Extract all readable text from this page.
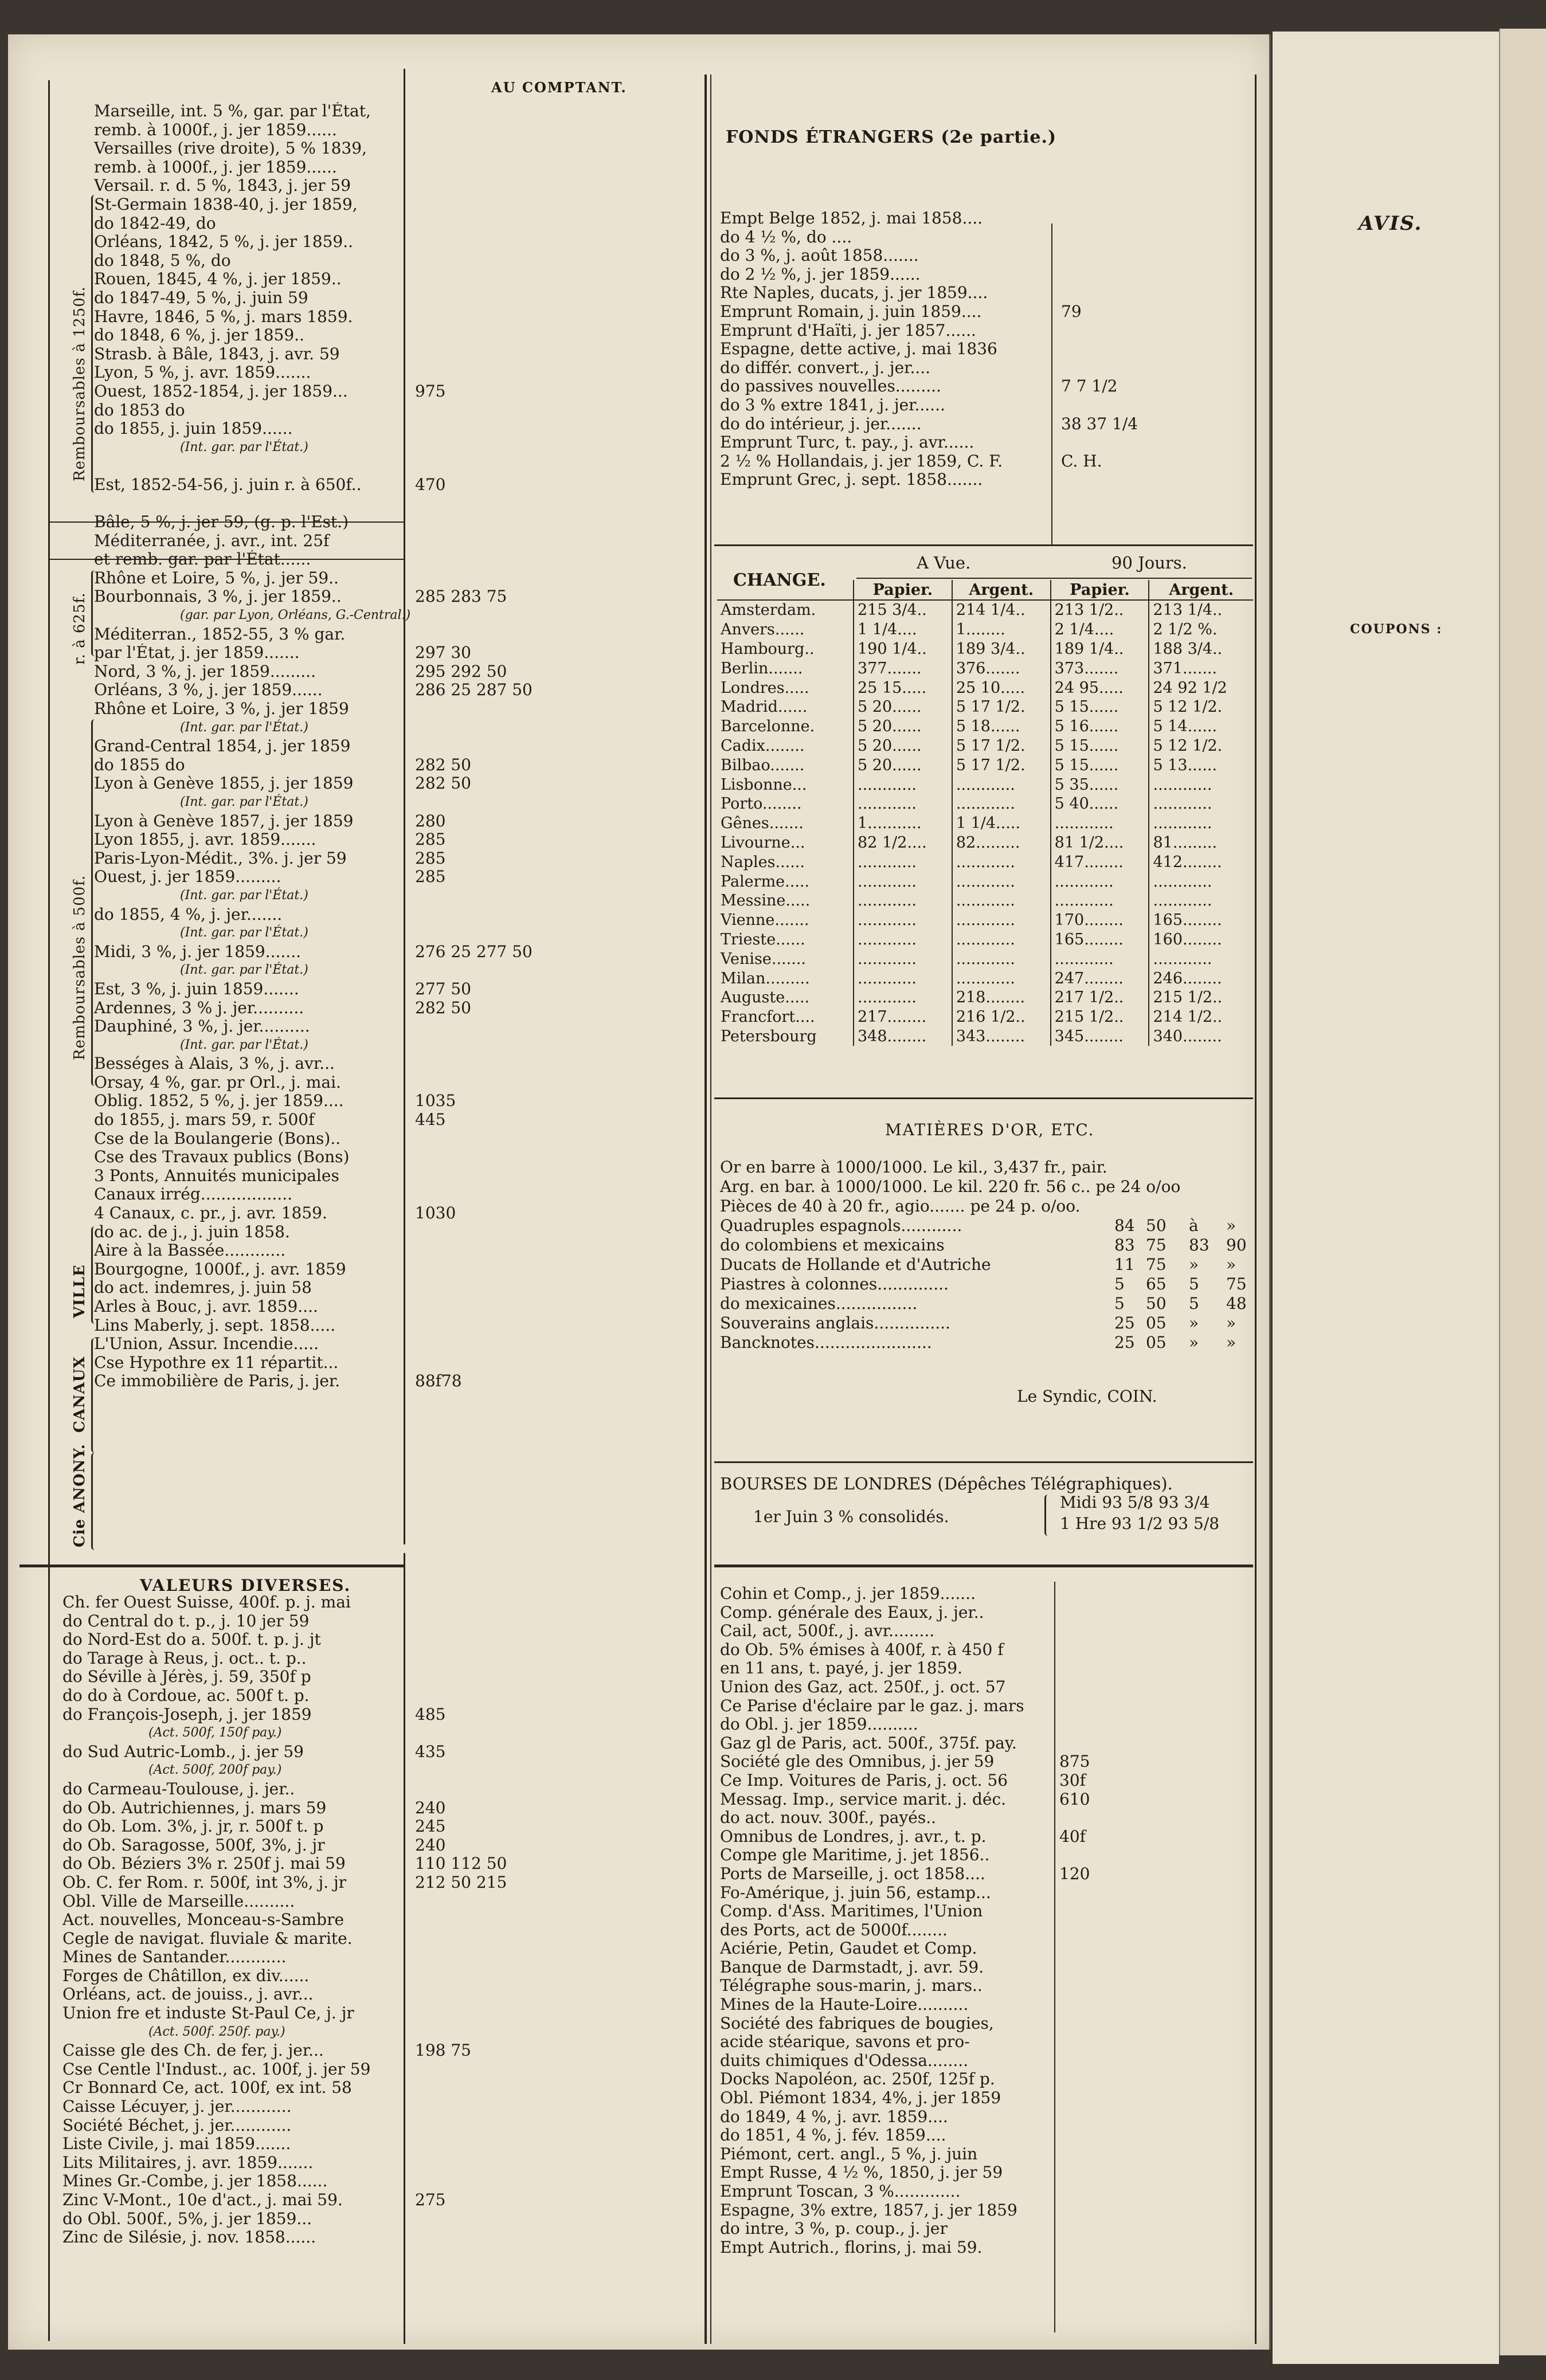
AU COMPTANT.
FONDS ÉTRANGERS (2e partie.)
Remboursables à 1250f.
r. à 625f.
Remboursables à 500f.
VILLE
CANAUX
Cie ANONY.
Marseille, int. 5 %, gar. par l'État,
remb. à 1000f., j. jer 1859......
Versailles (rive droite), 5 % 1839,
remb. à 1000f., j. jer 1859......
Versail. r. d. 5 %, 1843, j. jer 59
St-Germain 1838-40, j. jer 1859,
do 1842-49, do
Orléans, 1842, 5 %, j. jer 1859..
do 1848, 5 %, do
Rouen, 1845, 4 %, j. jer 1859..
do 1847-49, 5 %, j. juin 59
Havre, 1846, 5 %, j. mars 1859.
do 1848, 6 %, j. jer 1859..
Strasb. à Bâle, 1843, j. avr. 59
Lyon, 5 %, j. avr. 1859.......
Ouest, 1852-1854, j. jer 1859...	975
do 1853 do
do 1855, j. juin 1859......
(Int. gar. par l'État.)
Est, 1852-54-56, j. juin r. à 650f..	470
Bâle, 5 %, j. jer 59, (g. p. l'Est.)
Méditerranée, j. avr., int. 25f
et remb. gar. par l'État......
Rhône et Loire, 5 %, j. jer 59..
Bourbonnais, 3 %, j. jer 1859..	285 283 75
(gar. par Lyon, Orléans, G.-Central.)
Méditerran., 1852-55, 3 % gar.
par l'État, j. jer 1859.......	297 30
Nord, 3 %, j. jer 1859.........	295 292 50
Orléans, 3 %, j. jer 1859......	286 25 287 50
Rhône et Loire, 3 %, j. jer 1859
(Int. gar. par l'État.)
Grand-Central 1854, j. jer 1859
do 1855 do	282 50
Lyon à Genève 1855, j. jer 1859	282 50
(Int. gar. par l'État.)
Lyon à Genève 1857, j. jer 1859	280
Lyon 1855, j. avr. 1859.......	285
Paris-Lyon-Médit., 3%. j. jer 59	285
Ouest, j. jer 1859.........	285
(Int. gar. par l'État.)
do 1855, 4 %, j. jer.......
(Int. gar. par l'État.)
Midi, 3 %, j. jer 1859.......	276 25 277 50
(Int. gar. par l'État.)
Est, 3 %, j. juin 1859.......	277 50
Ardennes, 3 % j. jer..........	282 50
Dauphiné, 3 %, j. jer..........
(Int. gar. par l'État.)
Bességes à Alais, 3 %, j. avr...
Orsay, 4 %, gar. pr Orl., j. mai.
Oblig. 1852, 5 %, j. jer 1859....	1035
do 1855, j. mars 59, r. 500f	445
Cse de la Boulangerie (Bons)..
Cse des Travaux publics (Bons)
3 Ponts, Annuités municipales
Canaux irrég..................
4 Canaux, c. pr., j. avr. 1859.	1030
do ac. de j., j. juin 1858.
Aire à la Bassée............
Bourgogne, 1000f., j. avr. 1859
do act. indemres, j. juin 58
Arles à Bouc, j. avr. 1859....
Lins Maberly, j. sept. 1858.....
L'Union, Assur. Incendie.....
Cse Hypothre ex 11 répartit...
Ce immobilière de Paris, j. jer.	88f78
VALEURS DIVERSES.
Ch. fer Ouest Suisse, 400f. p. j. mai
do Central do t. p., j. 10 jer 59
do Nord-Est do a. 500f. t. p. j. jt
do Tarage à Reus, j. oct.. t. p..
do Séville à Jérès, j. 59, 350f p
do do à Cordoue, ac. 500f t. p.
do François-Joseph, j. jer 1859	485
(Act. 500f, 150f pay.)
do Sud Autric-Lomb., j. jer 59	435
(Act. 500f, 200f pay.)
do Carmeau-Toulouse, j. jer..
do Ob. Autrichiennes, j. mars 59	240
do Ob. Lom. 3%, j. jr, r. 500f t. p	245
do Ob. Saragosse, 500f, 3%, j. jr	240
do Ob. Béziers 3% r. 250f j. mai 59	110 112 50
Ob. C. fer Rom. r. 500f, int 3%, j. jr	212 50 215
Obl. Ville de Marseille..........
Act. nouvelles, Monceau-s-Sambre
Cegle de navigat. fluviale & marite.
Mines de Santander............
Forges de Châtillon, ex div......
Orléans, act. de jouiss., j. avr...
Union fre et induste St-Paul Ce, j. jr
(Act. 500f. 250f. pay.)
Caisse gle des Ch. de fer, j. jer...	198 75
Cse Centle l'Indust., ac. 100f, j. jer 59
Cr Bonnard Ce, act. 100f, ex int. 58
Caisse Lécuyer, j. jer............
Société Béchet, j. jer............
Liste Civile, j. mai 1859.......
Lits Militaires, j. avr. 1859.......
Mines Gr.-Combe, j. jer 1858......
Zinc V-Mont., 10e d'act., j. mai 59.	275
do Obl. 500f., 5%, j. jer 1859...
Zinc de Silésie, j. nov. 1858......
Empt Belge 1852, j. mai 1858....
do 4 ½ %, do ....
do 3 %, j. août 1858.......
do 2 ½ %, j. jer 1859......
Rte Naples, ducats, j. jer 1859....
Emprunt Romain, j. juin 1859....	79
Emprunt d'Haïti, j. jer 1857......
Espagne, dette active, j. mai 1836
do différ. convert., j. jer....
do passives nouvelles.........	7 7 1/2
do 3 % extre 1841, j. jer......
do do intérieur, j. jer.......	38 37 1/4
Emprunt Turc, t. pay., j. avr......
2 ½ % Hollandais, j. jer 1859, C. F.	C. H.
Emprunt Grec, j. sept. 1858.......
CHANGE.
A Vue.	90 Jours.
	Papier.	Argent.	Papier.	Argent.
Amsterdam.	215 3/4..	214 1/4..	213 1/2..	213 1/4..
Anvers......	1 1/4....	1........	2 1/4....	2 1/2 %.
Hambourg..	190 1/4..	189 3/4..	189 1/4..	188 3/4..
Berlin.......	377.......	376.......	373.......	371.......
Londres.....	25 15.....	25 10.....	24 95.....	24 92 1/2
Madrid......	5 20......	5 17 1/2.	5 15......	5 12 1/2.
Barcelonne.	5 20......	5 18......	5 16......	5 14......
Cadix........	5 20......	5 17 1/2.	5 15......	5 12 1/2.
Bilbao.......	5 20......	5 17 1/2.	5 15......	5 13......
Lisbonne...	............	............	5 35......	............
Porto........	............	............	5 40......	............
Gênes.......	1...........	1 1/4.....	............	............
Livourne...	82 1/2....	82.........	81 1/2....	81.........
Naples......	............	............	417........	412........
Palerme.....	............	............	............	............
Messine.....	............	............	............	............
Vienne.......	............	............	170........	165........
Trieste......	............	............	165........	160........
Venise.......	............	............	............	............
Milan.........	............	............	247........	246........
Auguste.....	............	218........	217 1/2..	215 1/2..
Francfort....	217........	216 1/2..	215 1/2..	214 1/2..
Petersbourg	348........	343........	345........	340........
MATIÈRES D'OR, ETC.
Or en barre à 1000/1000. Le kil., 3,437 fr., pair.
Arg. en bar. à 1000/1000. Le kil. 220 fr. 56 c.. pe 24 o/oo
Pièces de 40 à 20 fr., agio....... pe 24 p. o/oo.
Quadruples espagnols............	84 50 à »
do colombiens et mexicains	83 75 83 90
Ducats de Hollande et d'Autriche	11 75 » »
Piastres à colonnes..............	5 65 5 75
do mexicaines................	5 50 5 48
Souverains anglais...............	25 05 » »
Bancknotes.......................	25 05 » »
Le Syndic, COIN.
BOURSES DE LONDRES (Dépêches Télégraphiques).
1er Juin 3 % consolidés.
Midi 93 5/8 93 3/4
1 Hre 93 1/2 93 5/8
Cohin et Comp., j. jer 1859.......
Comp. générale des Eaux, j. jer..
Cail, act, 500f., j. avr.........
do Ob. 5% émises à 400f, r. à 450 f
en 11 ans, t. payé, j. jer 1859.
Union des Gaz, act. 250f., j. oct. 57
Ce Parise d'éclaire par le gaz. j. mars
do Obl. j. jer 1859..........
Gaz gl de Paris, act. 500f., 375f. pay.
Société gle des Omnibus, j. jer 59	875
Ce Imp. Voitures de Paris, j. oct. 56	30f
Messag. Imp., service marit. j. déc.	610
do act. nouv. 300f., payés..
Omnibus de Londres, j. avr., t. p.	40f
Compe gle Maritime, j. jet 1856..
Ports de Marseille, j. oct 1858....	120
Fo-Amérique, j. juin 56, estamp...
Comp. d'Ass. Maritimes, l'Union
des Ports, act de 5000f........
Aciérie, Petin, Gaudet et Comp.
Banque de Darmstadt, j. avr. 59.
Télégraphe sous-marin, j. mars..
Mines de la Haute-Loire..........
Société des fabriques de bougies,
acide stéarique, savons et pro-
duits chimiques d'Odessa........
Docks Napoléon, ac. 250f, 125f p.
Obl. Piémont 1834, 4%, j. jer 1859
do 1849, 4 %, j. avr. 1859....
do 1851, 4 %, j. fév. 1859....
Piémont, cert. angl., 5 %, j. juin
Empt Russe, 4 ½ %, 1850, j. jer 59
Emprunt Toscan, 3 %.............
Espagne, 3% extre, 1857, j. jer 1859
do intre, 3 %, p. coup., j. jer
Empt Autrich., florins, j. mai 59.
AVIS.
COUPONS :
